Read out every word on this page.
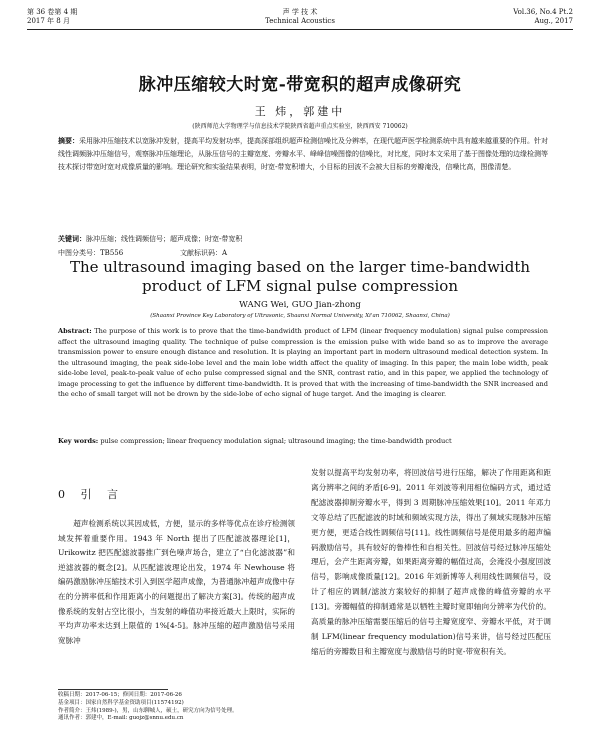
第 36 卷第 4 期
2017 年 8 月
声 学 技 术
Technical Acoustics
Vol.36, No.4 Pt.2
Aug., 2017
脉冲压缩较大时宽-带宽积的超声成像研究
王 炜，郭建中
(陕西师范大学物理学与信息技术学院陕西省超声重点实验室，陕西西安 710062)
摘要：采用脉冲压缩技术以宽脉冲发射，提高平均发射功率，提高深部组织超声检测信噪比及分辨率，在现代超声医学检测系统中具有越来越重要的作用。针对线性调频脉冲压缩信号，观察脉冲压缩理论，从脉压信号的主瓣宽度、旁瓣水平、峰峰信噪图像的信噪比，对比度，同时本文采用了基于图像处理的边缘检测等技术探讨带宽时宽对成像质量的影响。理论研究和实验结果表明，时宽-带宽积增大，小目标的回波不会被大目标的旁瓣淹没，信噪比高，图像清楚。
关键词：脉冲压缩；线性调频信号；超声成像；时宽-带宽积
中图分类号：TB556	文献标识码：A
The ultrasound imaging based on the larger time-bandwidth
product of LFM signal pulse compression
WANG Wei, GUO Jian-zhong
(Shaanxi Province Key Laboratory of Ultrasonic, Shaanxi Normal University, Xi'an 710062, Shaanxi, China)
Abstract: The purpose of this work is to prove that the time-bandwidth product of LFM (linear frequency modulation) signal pulse compression affect the ultrasound imaging quality. The technique of pulse compression is the emission pulse with wide band so as to improve the average transmission power to ensure enough distance and resolution. It is playing an important part in modern ultrasound medical detection system. In the ultrasound imaging, the peak side-lobe level and the main lobe width affect the quality of imaging. In this paper, the main lobe width, peak side-lobe level, peak-to-peak value of echo pulse compressed signal and the SNR, contrast ratio, and in this paper, we applied the technology of image processing to get the influence by different time-bandwidth. It is proved that with the increasing of time-bandwidth the SNR increased and the echo of small target will not be drown by the side-lobe of echo signal of huge target. And the imaging is clearer.
Key words: pulse compression; linear frequency modulation signal; ultrasound imaging; the time-bandwidth product
0 引 言

超声检测系统以其因成低，方便，显示的多样等优点在诊疗检测领域发挥着重要作用。1943 年 North 提出了匹配滤波器理论[1]，Urikowitz 把匹配滤波器推广到色噪声场合，建立了“白化滤波器”和逆滤波器的概念[2]。从匹配滤波理论出发，1974 年 Newhouse 将编码激励脉冲压缩技术引入到医学超声成像，为普通脉冲超声成像中存在的分辨率低和作用距离小的问题提出了解决方案[3]。传统的超声成像系统的发射占空比很小，当发射的峰值功率接近最大上限时，实际的平均声功率未达到上限值的 1%[4-5]。脉冲压缩的超声激励信号采用宽脉冲

发射以提高平均发射功率，将回波信号进行压缩，解决了作用距离和距离分辨率之间的矛盾[6-9]。2011 年刘波等利用相位编码方式，通过适配滤波器抑制旁瓣水平，得到 3 周期脉冲压缩效果[10]。2011 年邓力文等总结了匹配滤波的时域和频域实现方法，得出了频域实现脉冲压缩更方便，更适合线性调频信号[11]。线性调频信号是使用最多的超声编码激励信号，具有较好的鲁棒性和自相关性。回波信号经过脉冲压缩处理后，会产生距离旁瓣，如果距离旁瓣的幅值过高，会淹没小强度回波信号，影响成像质量[12]。2016 年刘新博等人利用线性调频信号，设计了相应的调制/滤波方案较好的抑制了超声成像的峰值旁瓣的水平[13]。旁瓣幅值的抑制通常是以牺牲主瓣时宽即轴向分辨率为代价的。高质量的脉冲压缩需要压缩后的信号主瓣宽度窄、旁瓣水平低，对于调制 LFM(linear frequency modulation)信号来讲，信号经过匹配压缩后的旁瓣数目和主瓣宽度与激励信号的时宽-带宽积有关。

收稿日期：2017-06-15；修回日期：2017-06-26
基金项目：国家自然科学基金资助项目(11574192)
作者简介：王炜(1989-)，男，山东聊城人，硕士，研究方向为信号处理。
通讯作者：郭建中，E-mail: guojz@snnu.edu.cn
